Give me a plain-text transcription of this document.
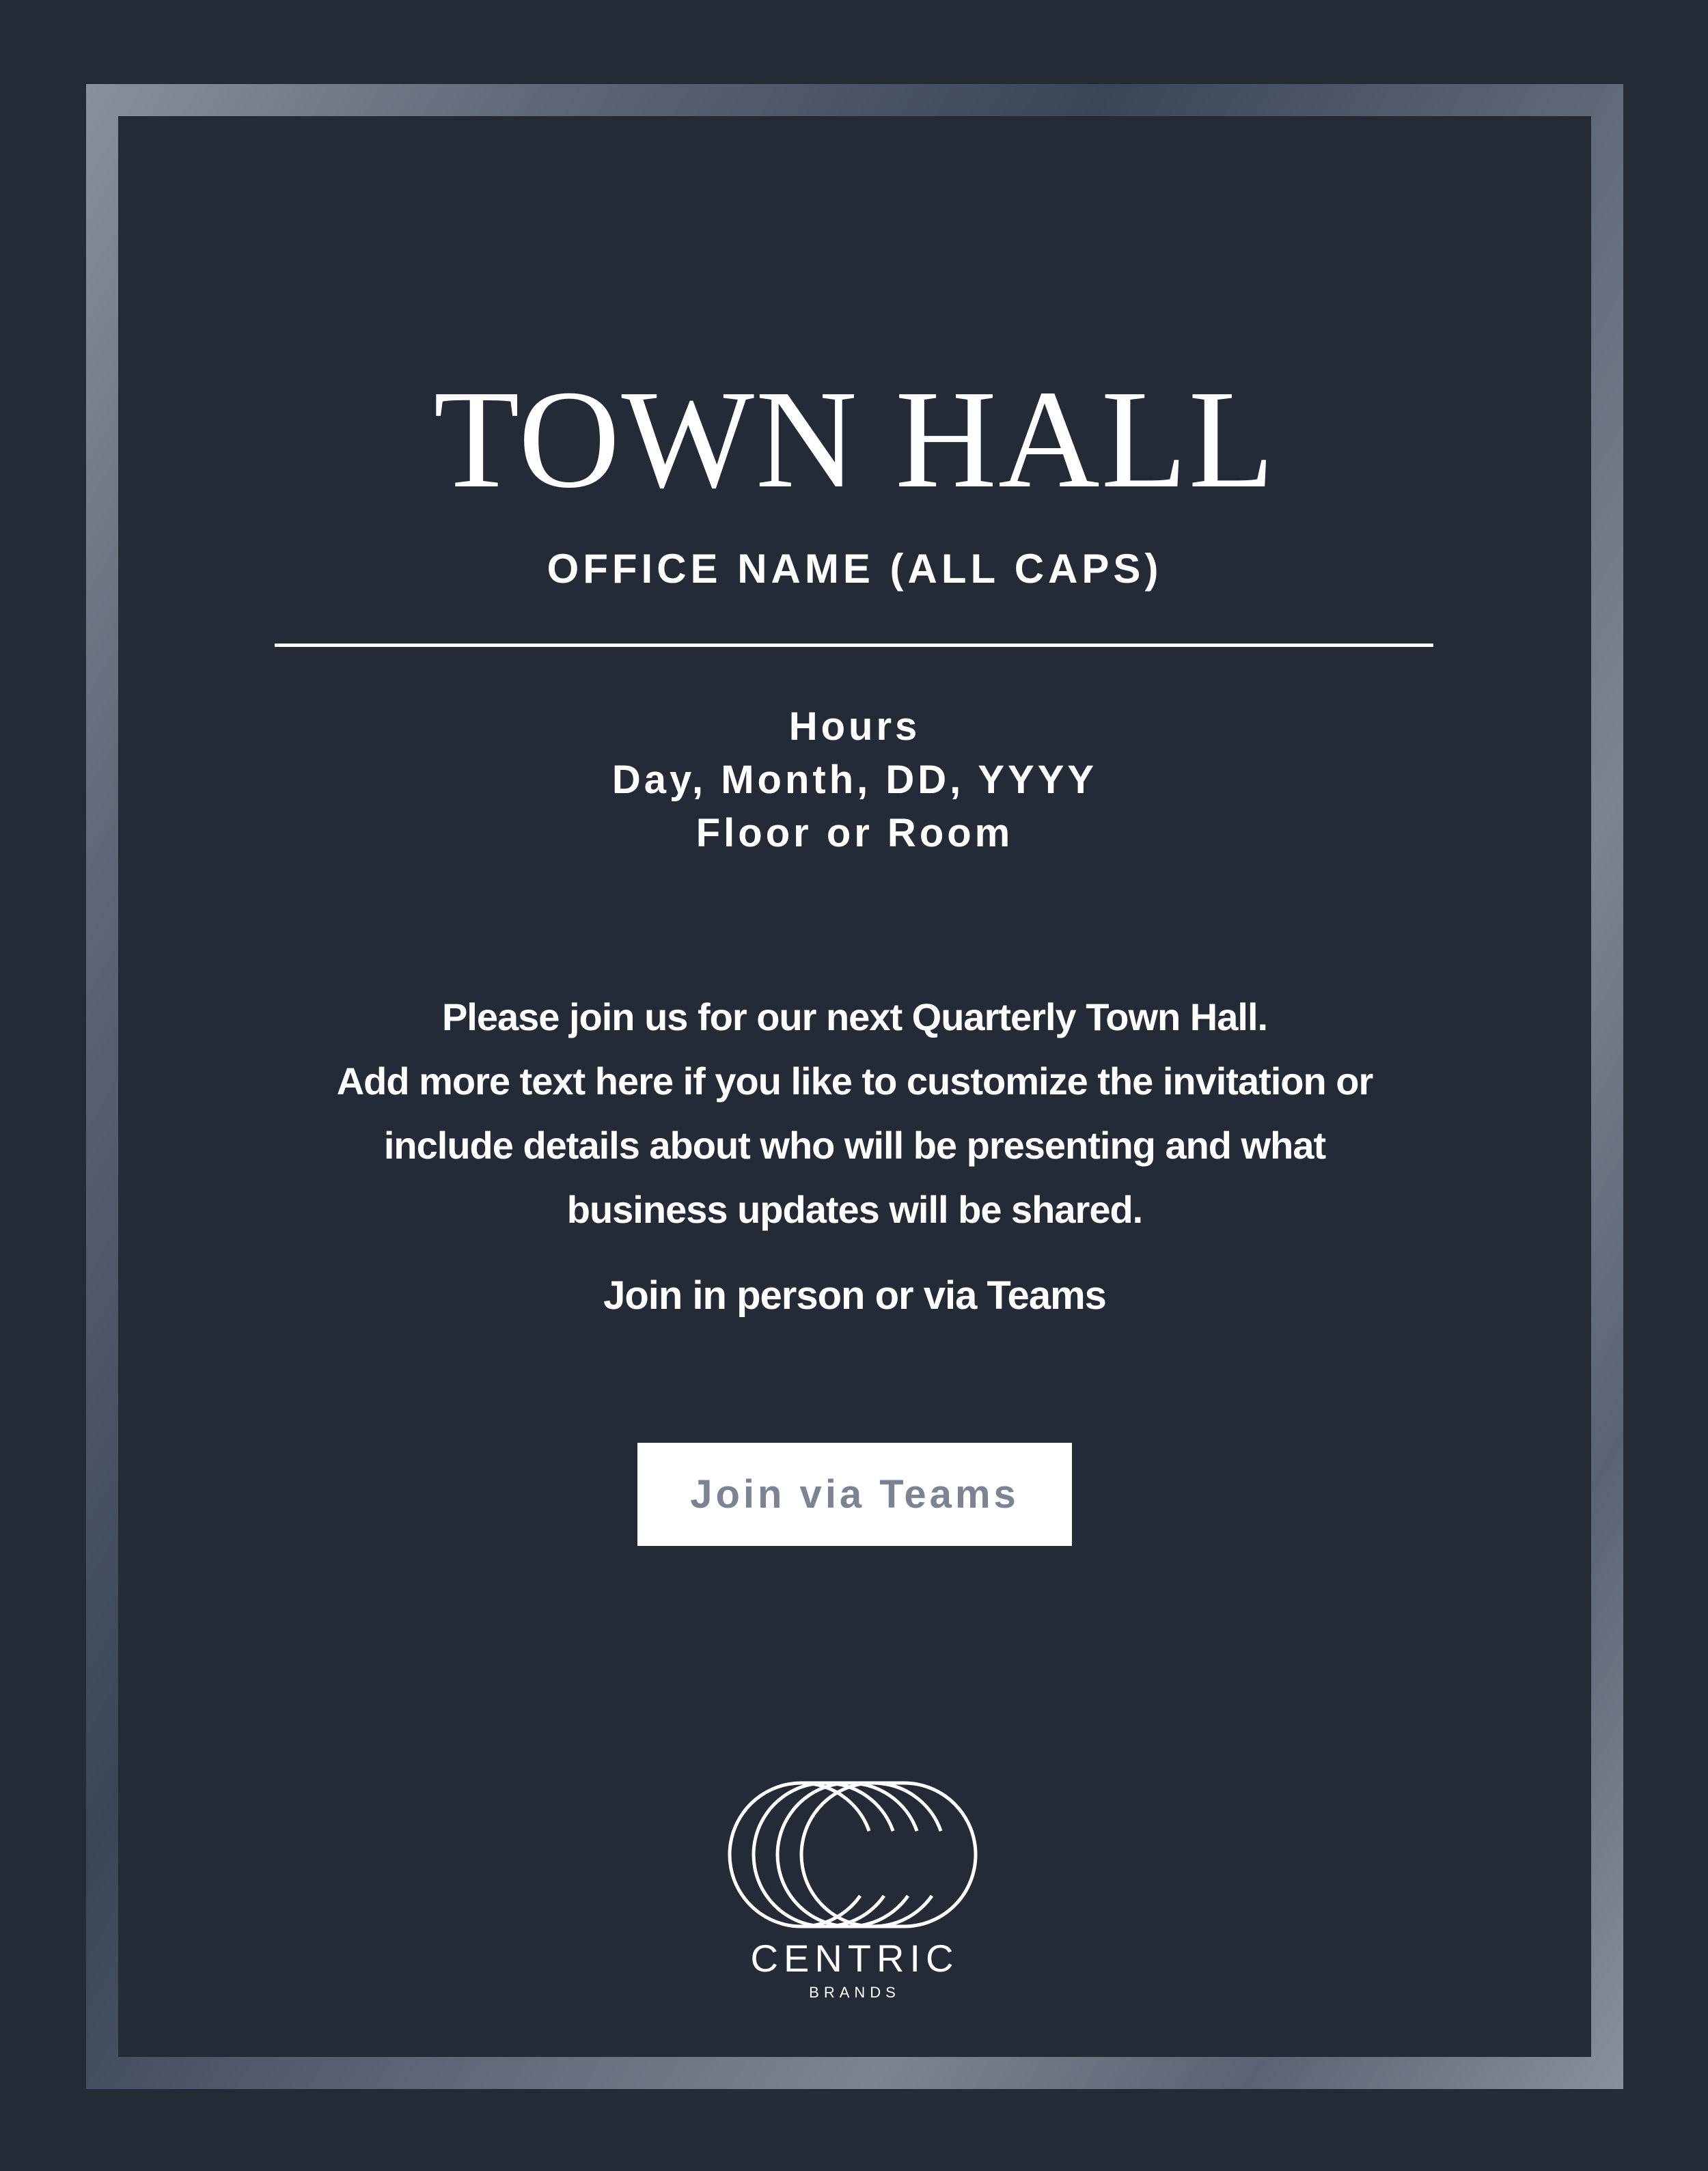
TOWN HALL
OFFICE NAME (ALL CAPS)
Hours
Day, Month, DD, YYYY
Floor or Room
Please join us for our next Quarterly Town Hall.
Add more text here if you like to customize the invitation or
include details about who will be presenting and what
business updates will be shared.
Join in person or via Teams
Join via Teams
CENTRIC
BRANDS
